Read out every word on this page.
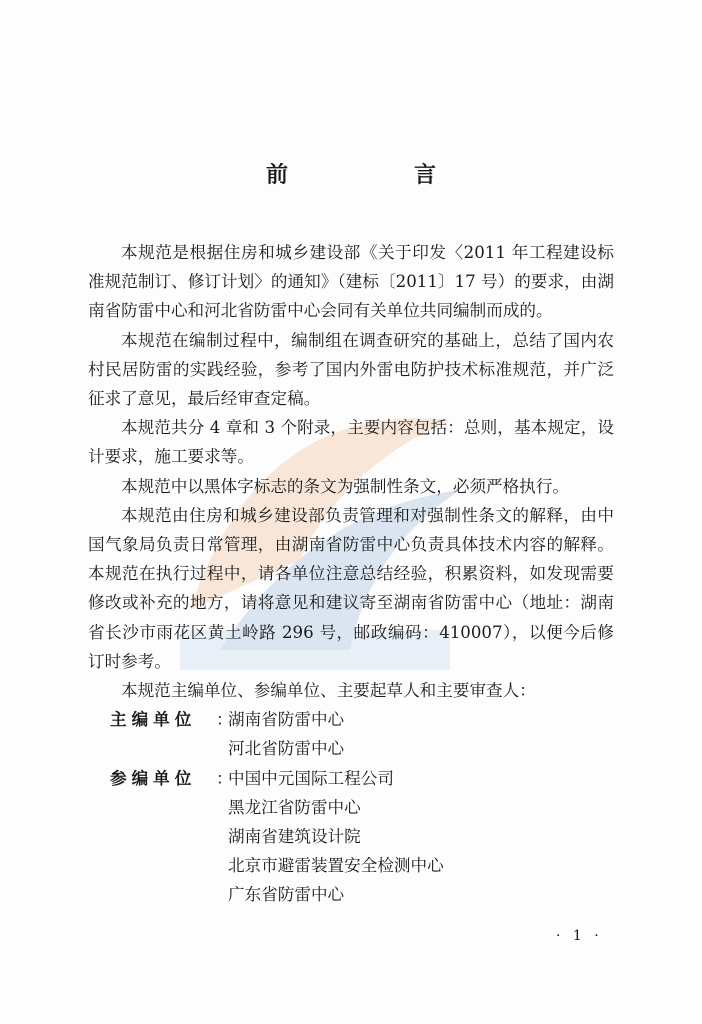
前　言

本规范是根据住房和城乡建设部《关于印发〈2011 年工程建设标准规范制订、修订计划〉的通知》（建标〔2011〕17 号）的要求，由湖南省防雷中心和河北省防雷中心会同有关单位共同编制而成的。

本规范在编制过程中，编制组在调查研究的基础上，总结了国内农村民居防雷的实践经验，参考了国内外雷电防护技术标准规范，并广泛征求了意见，最后经审查定稿。

本规范共分 4 章和 3 个附录，主要内容包括：总则，基本规定，设计要求，施工要求等。

本规范中以黑体字标志的条文为强制性条文，必须严格执行。

本规范由住房和城乡建设部负责管理和对强制性条文的解释，由中国气象局负责日常管理，由湖南省防雷中心负责具体技术内容的解释。本规范在执行过程中，请各单位注意总结经验，积累资料，如发现需要修改或补充的地方，请将意见和建议寄至湖南省防雷中心（地址：湖南省长沙市雨花区黄土岭路 296 号，邮政编码：410007），以便今后修订时参考。

本规范主编单位、参编单位、主要起草人和主要审查人：

主编单位	：
湖南省防雷中心
河北省防雷中心
参编单位	：
中国中元国际工程公司
黑龙江省防雷中心
湖南省建筑设计院
北京市避雷装置安全检测中心
广东省防雷中心
· 1 ·
